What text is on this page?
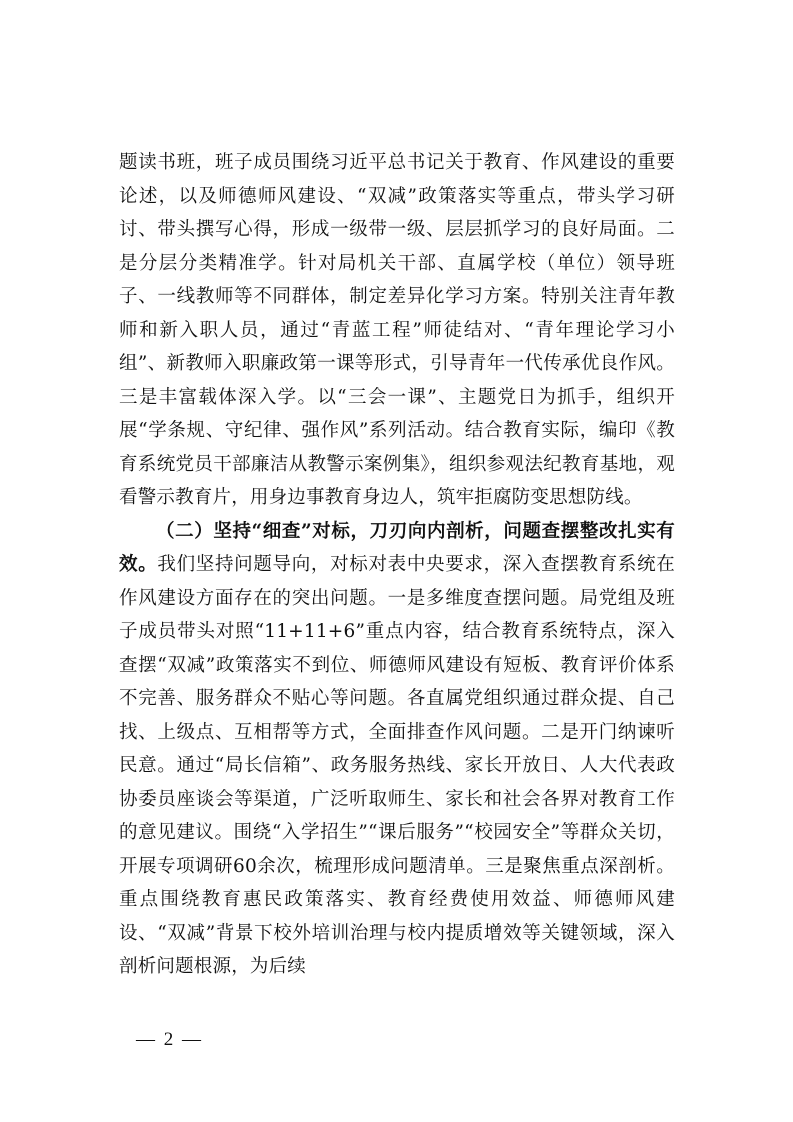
题读书班，班子成员围绕习近平总书记关于教育、作风建设的重要论述，以及师德师风建设、“双减”政策落实等重点，带头学习研讨、带头撰写心得，形成一级带一级、层层抓学习的良好局面。二是分层分类精准学。针对局机关干部、直属学校（单位）领导班子、一线教师等不同群体，制定差异化学习方案。特别关注青年教师和新入职人员，通过“青蓝工程”师徒结对、“青年理论学习小组”、新教师入职廉政第一课等形式，引导青年一代传承优良作风。三是丰富载体深入学。以“三会一课”、主题党日为抓手，组织开展“学条规、守纪律、强作风”系列活动。结合教育实际，编印《教育系统党员干部廉洁从教警示案例集》，组织参观法纪教育基地，观看警示教育片，用身边事教育身边人，筑牢拒腐防变思想防线。

（二）坚持“细查”对标，刀刃向内剖析，问题查摆整改扎实有效。我们坚持问题导向，对标对表中央要求，深入查摆教育系统在作风建设方面存在的突出问题。一是多维度查摆问题。局党组及班子成员带头对照“11+11+6”重点内容，结合教育系统特点，深入查摆“双减”政策落实不到位、师德师风建设有短板、教育评价体系不完善、服务群众不贴心等问题。各直属党组织通过群众提、自己找、上级点、互相帮等方式，全面排查作风问题。二是开门纳谏听民意。通过“局长信箱”、政务服务热线、家长开放日、人大代表政协委员座谈会等渠道，广泛听取师生、家长和社会各界对教育工作的意见建议。围绕“入学招生”“课后服务”“校园安全”等群众关切，开展专项调研60余次，梳理形成问题清单。三是聚焦重点深剖析。重点围绕教育惠民政策落实、教育经费使用效益、师德师风建设、“双减”背景下校外培训治理与校内提质增效等关键领域，深入剖析问题根源，为后续

— 2 —
